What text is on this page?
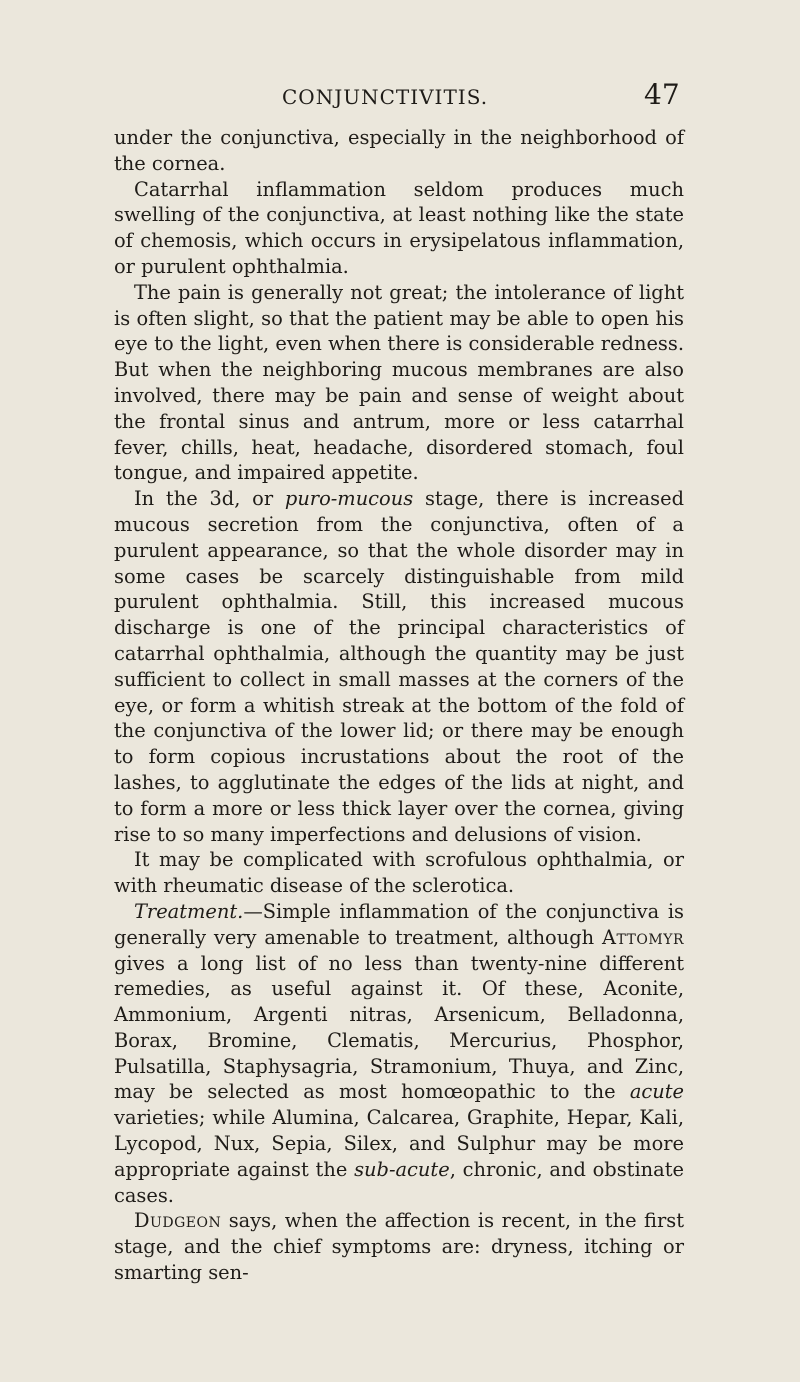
CONJUNCTIVITIS.	47

under the conjunctiva, especially in the neighborhood of the cornea.

Catarrhal inflammation seldom produces much swelling of the conjunctiva, at least nothing like the state of chemosis, which occurs in erysipelatous inflammation, or purulent ophthalmia.

The pain is generally not great; the intolerance of light is often slight, so that the patient may be able to open his eye to the light, even when there is considerable redness. But when the neighboring mucous membranes are also involved, there may be pain and sense of weight about the frontal sinus and antrum, more or less catarrhal fever, chills, heat, headache, disordered stomach, foul tongue, and impaired appetite.

In the 3d, or puro-mucous stage, there is increased mucous secretion from the conjunctiva, often of a purulent appearance, so that the whole disorder may in some cases be scarcely distinguishable from mild purulent ophthalmia. Still, this increased mucous discharge is one of the principal characteristics of catarrhal ophthalmia, although the quantity may be just sufficient to collect in small masses at the corners of the eye, or form a whitish streak at the bottom of the fold of the conjunctiva of the lower lid; or there may be enough to form copious incrustations about the root of the lashes, to agglutinate the edges of the lids at night, and to form a more or less thick layer over the cornea, giving rise to so many imperfections and delusions of vision.

It may be complicated with scrofulous ophthalmia, or with rheumatic disease of the sclerotica.

Treatment.—Simple inflammation of the conjunctiva is generally very amenable to treatment, although Attomyr gives a long list of no less than twenty-nine different remedies, as useful against it. Of these, Aconite, Ammonium, Argenti nitras, Arsenicum, Belladonna, Borax, Bromine, Clematis, Mercurius, Phosphor, Pulsatilla, Staphysagria, Stramonium, Thuya, and Zinc, may be selected as most homœopathic to the acute varieties; while Alumina, Calcarea, Graphite, Hepar, Kali, Lycopod, Nux, Sepia, Silex, and Sulphur may be more appropriate against the sub-acute, chronic, and obstinate cases.

Dudgeon says, when the affection is recent, in the first stage, and the chief symptoms are: dryness, itching or smarting sen-
